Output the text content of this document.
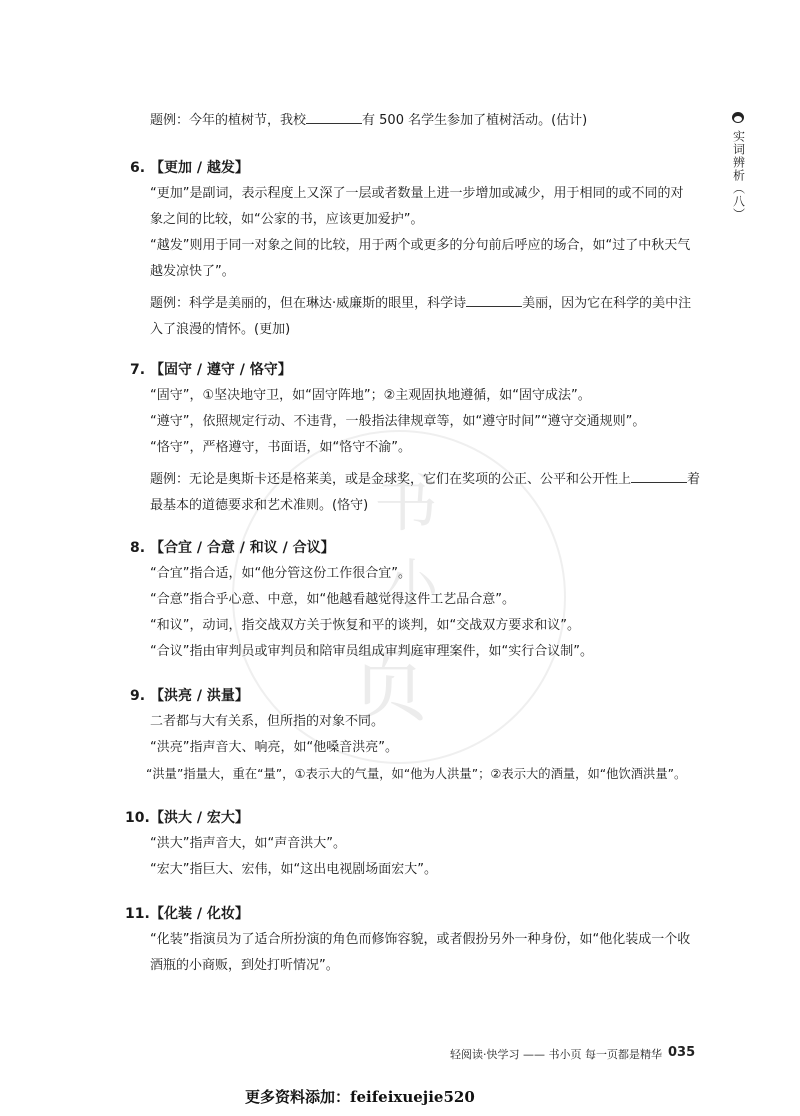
书
小
页
实词辨析（八）
题例：今年的植树节，我校	有 500 名学生参加了植树活动。(估计)
6. 【更加 / 越发】
“更加”是副词，表示程度上又深了一层或者数量上进一步增加或减少，用于相同的或不同的对
象之间的比较，如“公家的书，应该更加爱护”。
“越发”则用于同一对象之间的比较，用于两个或更多的分句前后呼应的场合，如“过了中秋天气
越发凉快了”。
题例：科学是美丽的，但在琳达·威廉斯的眼里，科学诗	美丽，因为它在科学的美中注
入了浪漫的情怀。(更加)
7. 【固守 / 遵守 / 恪守】
“固守”，①坚决地守卫，如“固守阵地”；②主观固执地遵循，如“固守成法”。
“遵守”，依照规定行动、不违背，一般指法律规章等，如“遵守时间”“遵守交通规则”。
“恪守”，严格遵守，书面语，如“恪守不渝”。
题例：无论是奥斯卡还是格莱美，或是金球奖，它们在奖项的公正、公平和公开性上	着
最基本的道德要求和艺术准则。(恪守)
8. 【合宜 / 合意 / 和议 / 合议】
“合宜”指合适，如“他分管这份工作很合宜”。
“合意”指合乎心意、中意，如“他越看越觉得这件工艺品合意”。
“和议”，动词，指交战双方关于恢复和平的谈判，如“交战双方要求和议”。
“合议”指由审判员或审判员和陪审员组成审判庭审理案件，如“实行合议制”。
9. 【洪亮 / 洪量】
二者都与大有关系，但所指的对象不同。
“洪亮”指声音大、响亮，如“他嗓音洪亮”。
“洪量”指量大，重在“量”，①表示大的气量，如“他为人洪量”；②表示大的酒量，如“他饮酒洪量”。
10. 【洪大 / 宏大】
“洪大”指声音大，如“声音洪大”。
“宏大”指巨大、宏伟，如“这出电视剧场面宏大”。
11. 【化装 / 化妆】
“化装”指演员为了适合所扮演的角色而修饰容貌，或者假扮另外一种身份，如“他化装成一个收
酒瓶的小商贩，到处打听情况”。
轻阅读·快学习 —— 书小页 每一页都是精华 035
更多资料添加：feifeixuejie520
